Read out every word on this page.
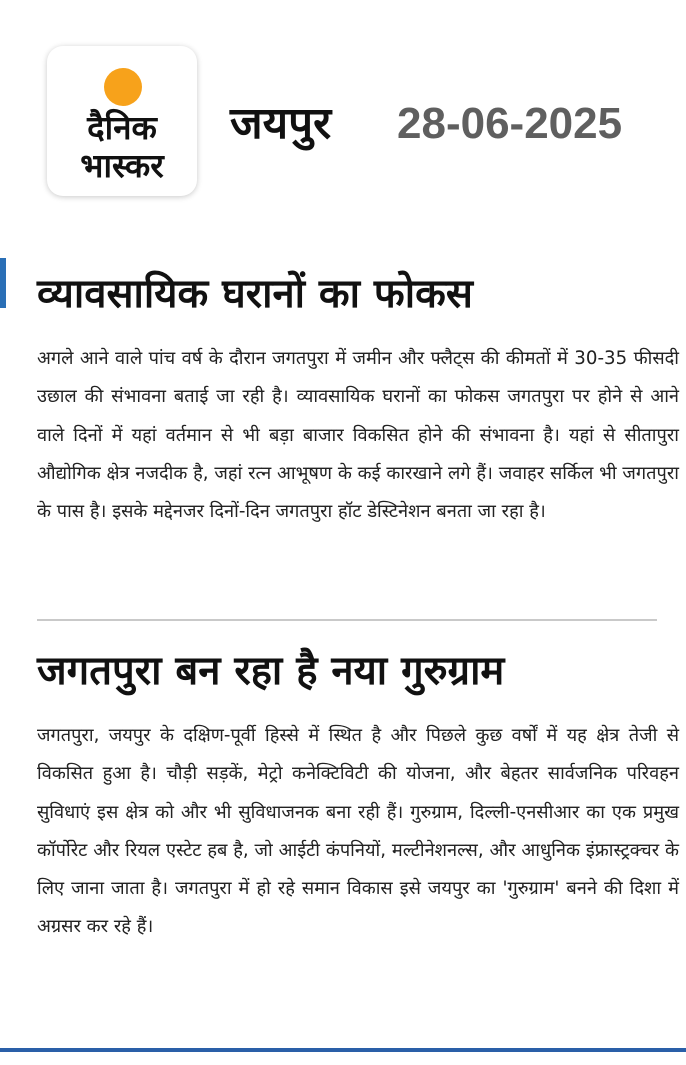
दैनिक
भास्कर
जयपुर 28-06-2025
व्यावसायिक घरानों का फोकस
अगले आने वाले पांच वर्ष के दौरान जगतपुरा में जमीन और फ्लैट्स की कीमतों में 30-35 फीसदी उछाल की संभावना बताई जा रही है। व्यावसायिक घरानों का फोकस जगतपुरा पर होने से आने वाले दिनों में यहां वर्तमान से भी बड़ा बाजार विकसित होने की संभावना है। यहां से सीतापुरा औद्योगिक क्षेत्र नजदीक है, जहां रत्न आभूषण के कई कारखाने लगे हैं। जवाहर सर्किल भी जगतपुरा के पास है। इसके मद्देनजर दिनों-दिन जगतपुरा हॉट डेस्टिनेशन बनता जा रहा है।
जगतपुरा बन रहा है नया गुरुग्राम
जगतपुरा, जयपुर के दक्षिण-पूर्वी हिस्से में स्थित है और पिछले कुछ वर्षों में यह क्षेत्र तेजी से विकसित हुआ है। चौड़ी सड़कें, मेट्रो कनेक्टिविटी की योजना, और बेहतर सार्वजनिक परिवहन सुविधाएं इस क्षेत्र को और भी सुविधाजनक बना रही हैं। गुरुग्राम, दिल्ली-एनसीआर का एक प्रमुख कॉर्पोरेट और रियल एस्टेट हब है, जो आईटी कंपनियों, मल्टीनेशनल्स, और आधुनिक इंफ्रास्ट्रक्चर के लिए जाना जाता है। जगतपुरा में हो रहे समान विकास इसे जयपुर का 'गुरुग्राम' बनने की दिशा में अग्रसर कर रहे हैं।
